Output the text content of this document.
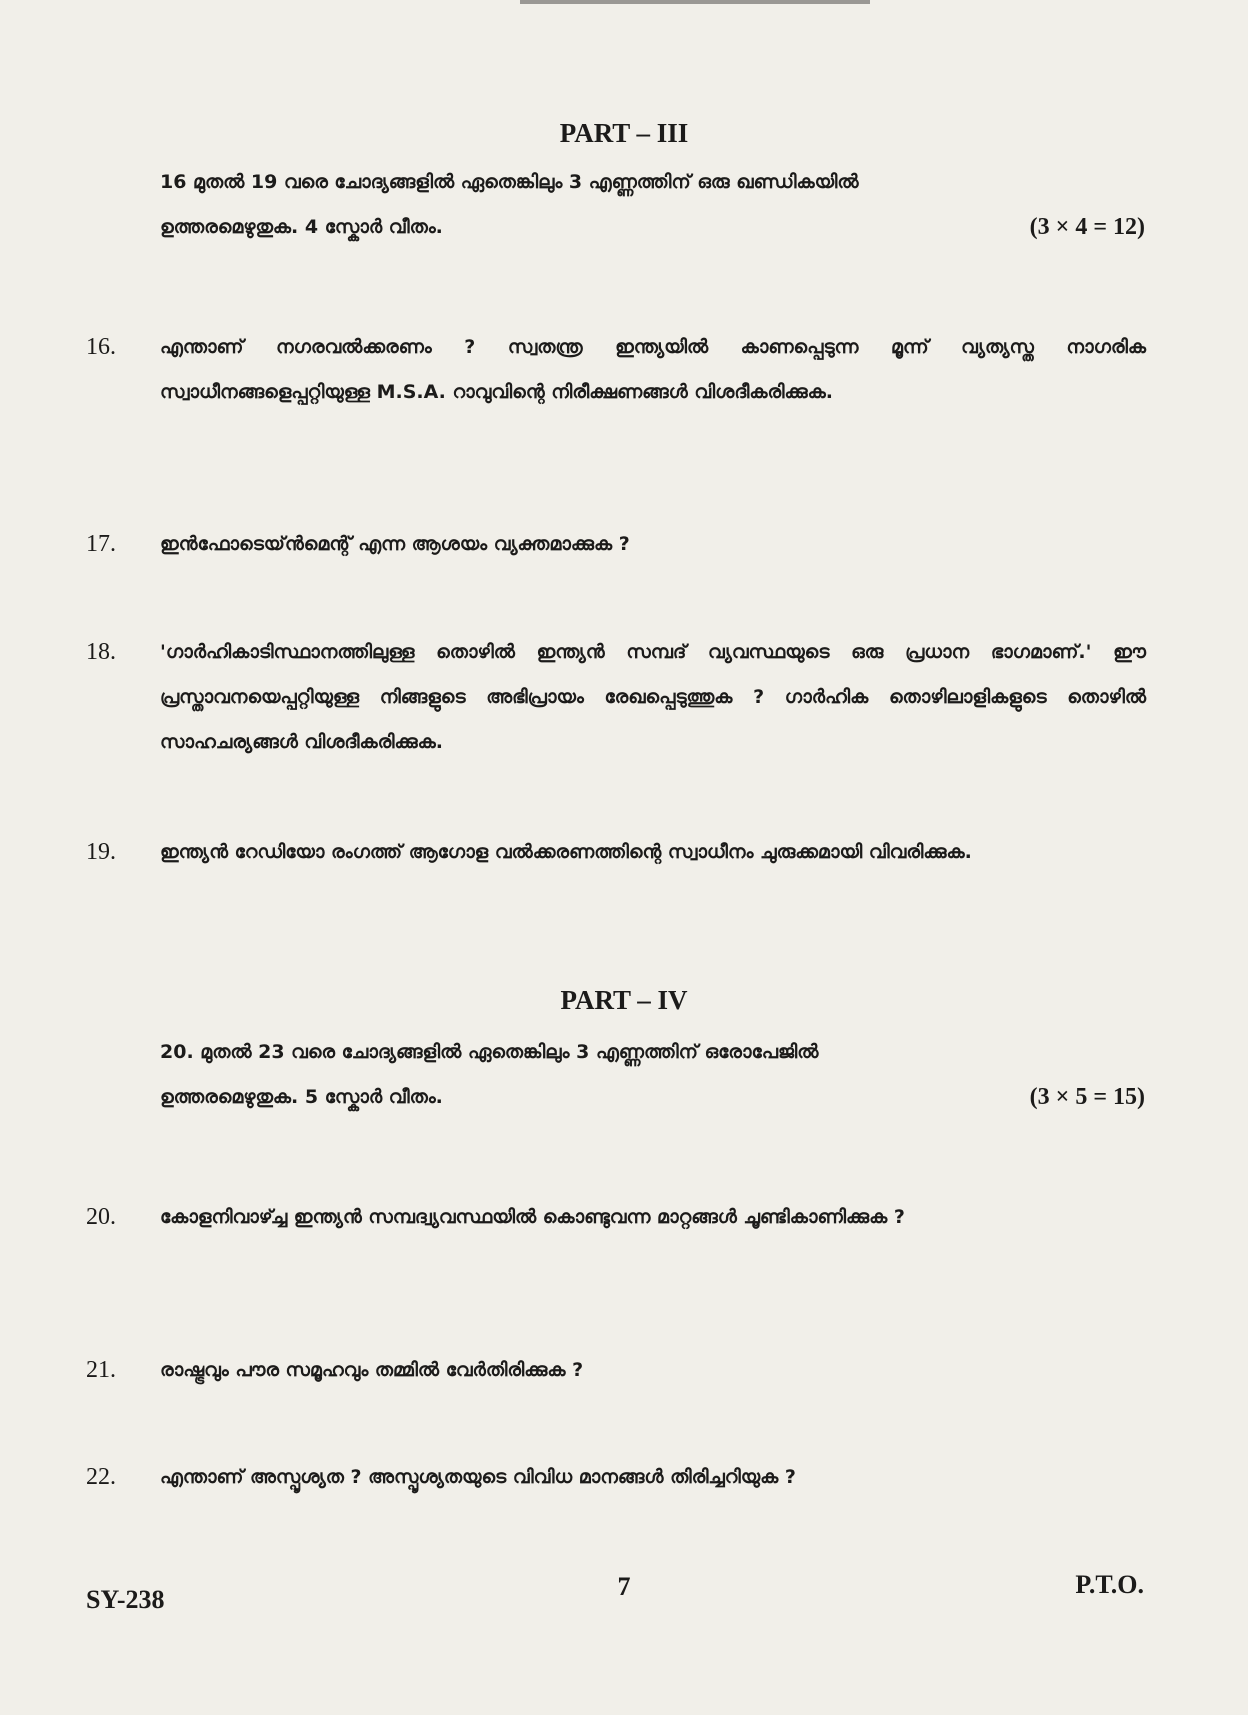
PART – III
16 മുതൽ 19 വരെ ചോദ്യങ്ങളിൽ ഏതെങ്കിലും 3 എണ്ണത്തിന് ഒരു ഖണ്ഡികയിൽ
ഉത്തരമെഴുതുക. 4 സ്കോർ വീതം.	(3 × 4 = 12)
16.	എന്താണ് നഗരവൽക്കരണം ? സ്വതന്ത്ര ഇന്ത്യയിൽ കാണപ്പെടുന്ന മൂന്ന് വ്യത്യസ്ത നാഗരിക സ്വാധീനങ്ങളെപ്പറ്റിയുള്ള M.S.A. റാവുവിന്റെ നിരീക്ഷണങ്ങൾ വിശദീകരിക്കുക.
17.	ഇൻഫോടെയ്ൻമെന്റ് എന്ന ആശയം വ്യക്തമാക്കുക ?
18.	'ഗാർഹികാടിസ്ഥാനത്തിലുള്ള തൊഴിൽ ഇന്ത്യൻ സമ്പദ് വ്യവസ്ഥയുടെ ഒരു പ്രധാന ഭാഗമാണ്.' ഈ പ്രസ്താവനയെപ്പറ്റിയുള്ള നിങ്ങളുടെ അഭിപ്രായം രേഖപ്പെടുത്തുക ? ഗാർഹിക തൊഴിലാളികളുടെ തൊഴിൽ സാഹചര്യങ്ങൾ വിശദീകരിക്കുക.
19.	ഇന്ത്യൻ റേഡിയോ രംഗത്ത് ആഗോള വൽക്കരണത്തിന്റെ സ്വാധീനം ചുരുക്കമായി വിവരിക്കുക.
PART – IV
20. മുതൽ 23 വരെ ചോദ്യങ്ങളിൽ ഏതെങ്കിലും 3 എണ്ണത്തിന് ഒരോപേജിൽ
ഉത്തരമെഴുതുക. 5 സ്കോർ വീതം.	(3 × 5 = 15)
20.	കോളനിവാഴ്ച്ച ഇന്ത്യൻ സമ്പദ്വ്യവസ്ഥയിൽ കൊണ്ടുവന്ന മാറ്റങ്ങൾ ചൂണ്ടികാണിക്കുക ?
21.	രാഷ്ട്രവും പൗര സമൂഹവും തമ്മിൽ വേർതിരിക്കുക ?
22.	എന്താണ് അസ്പൃശ്യത ? അസ്പൃശ്യതയുടെ വിവിധ മാനങ്ങൾ തിരിച്ചറിയുക ?
SY-238	7	P.T.O.
